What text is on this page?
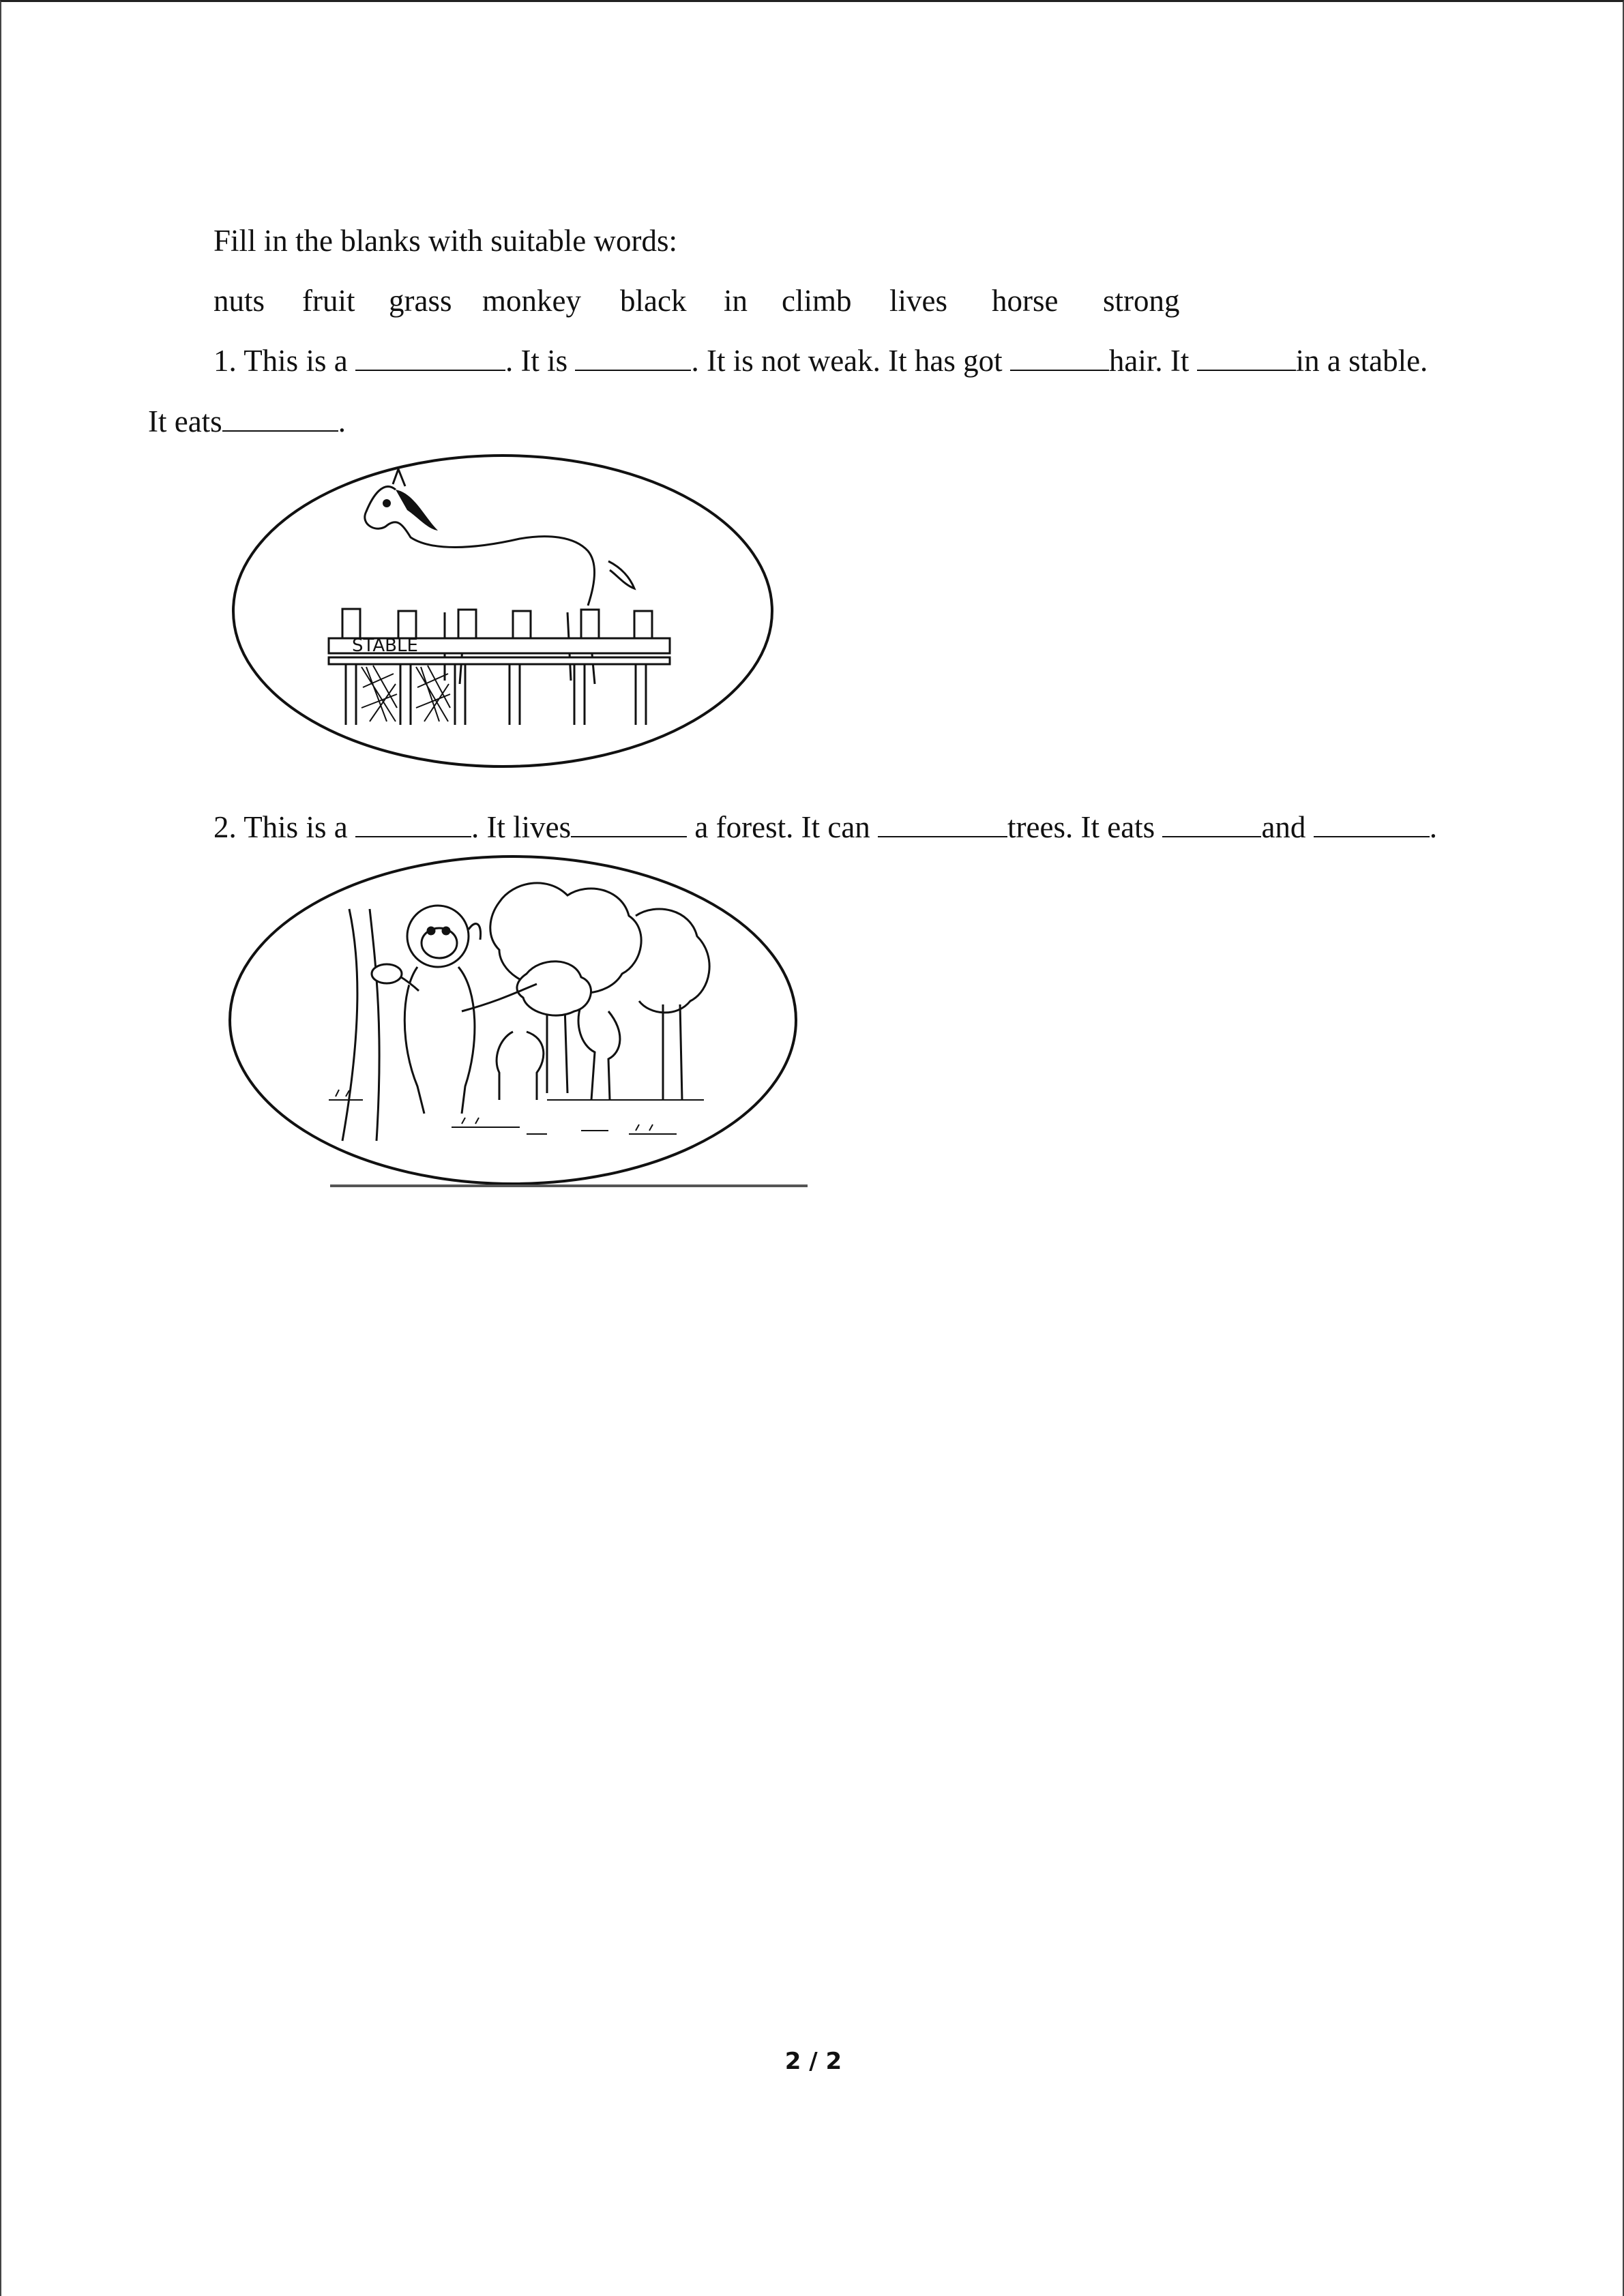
Fill in the blanks with suitable words:

nuts

fruit

grass

monkey

black

in

climb

lives

horse

strong

1. This is a	. It is	. It is not weak. It has got	hair. It	in a stable.
It eats	.
STABLE
2. This is a	. It lives	a forest. It can	trees. It eats	and	.
2 / 2
